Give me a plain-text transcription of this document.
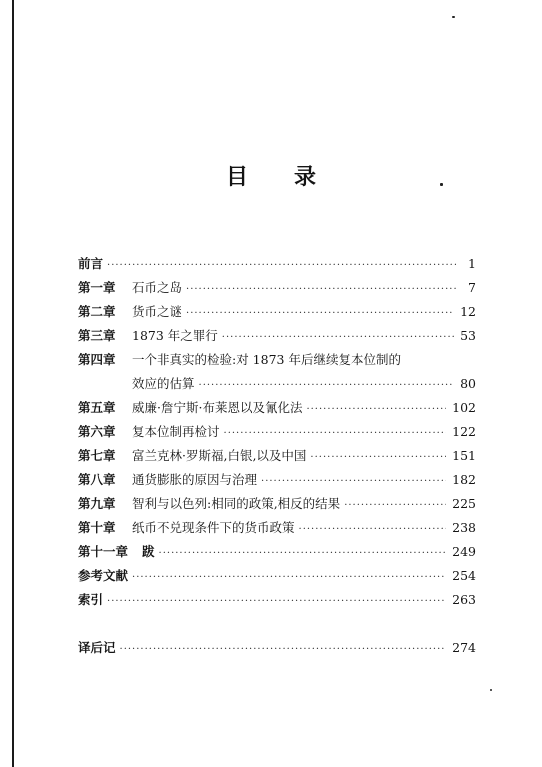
目录
前言 ·····	1
第一章	石币之岛 ·····	7
第二章	货币之谜 ·····	12
第三章	1873 年之罪行 ·····	53
第四章	一个非真实的检验:对 1873 年后继续复本位制的
效应的估算 ·····	80
第五章	威廉·詹宁斯·布莱恩以及氰化法 ·····	102
第六章	复本位制再检讨 ·····	122
第七章	富兰克林·罗斯福,白银,以及中国 ·····	151
第八章	通货膨胀的原因与治理 ·····	182
第九章	智利与以色列:相同的政策,相反的结果 ·····	225
第十章	纸币不兑现条件下的货币政策 ·····	238
第十一章 跋 ·····	249
参考文献 ·····	254
索引 ·····	263
译后记 ·····	274
